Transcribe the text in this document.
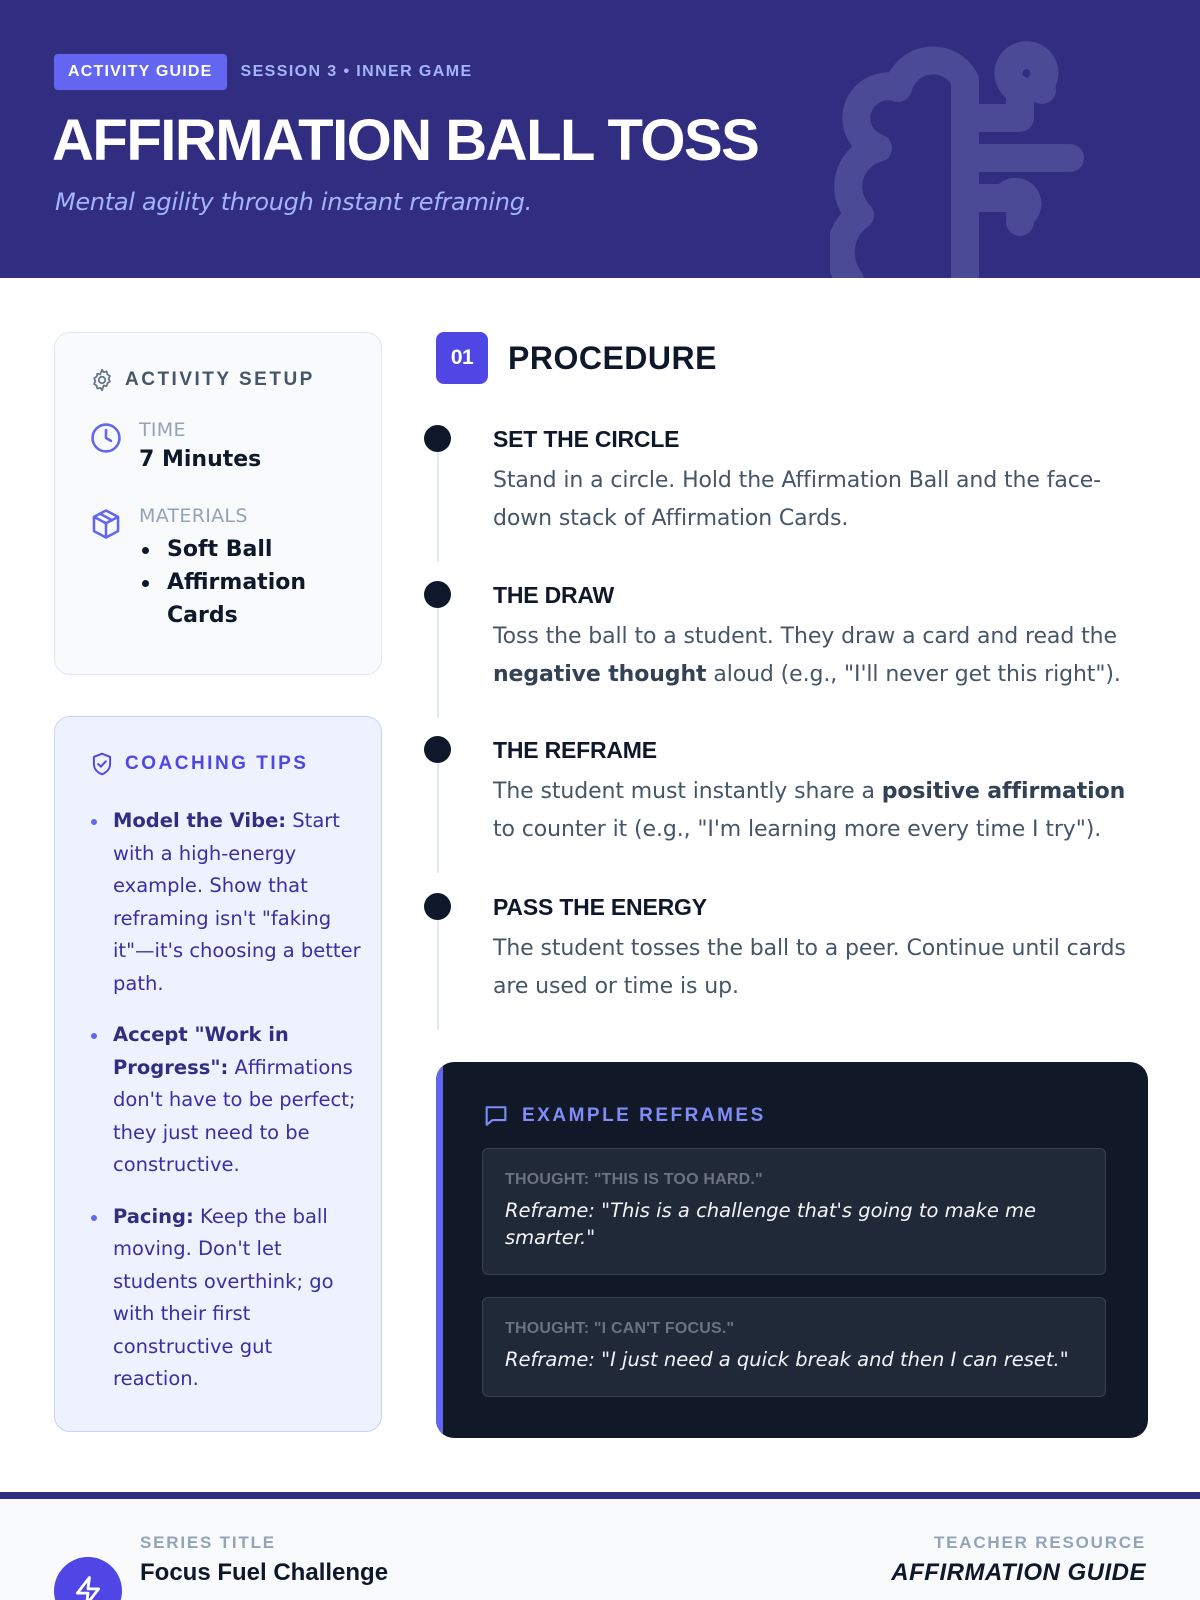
ACTIVITY GUIDE	SESSION 3 • INNER GAME
AFFIRMATION BALL TOSS

Mental agility through instant reframing.

ACTIVITY SETUP
TIME
7 Minutes
MATERIALS
Soft Ball
Affirmation Cards
COACHING TIPS
Model the Vibe: Start with a high-energy example. Show that reframing isn't "faking it"—it's choosing a better path.
Accept "Work in Progress": Affirmations don't have to be perfect; they just need to be constructive.
Pacing: Keep the ball moving. Don't let students overthink; go with their first constructive gut reaction.
01	PROCEDURE
SET THE CIRCLE

Stand in a circle. Hold the Affirmation Ball and the face-down stack of Affirmation Cards.

THE DRAW

Toss the ball to a student. They draw a card and read the negative thought aloud (e.g., "I'll never get this right").

THE REFRAME

The student must instantly share a positive affirmation to counter it (e.g., "I'm learning more every time I try").

PASS THE ENERGY

The student tosses the ball to a peer. Continue until cards are used or time is up.

EXAMPLE REFRAMES
THOUGHT: "THIS IS TOO HARD."
Reframe: "This is a challenge that's going to make me smarter."
THOUGHT: "I CAN'T FOCUS."
Reframe: "I just need a quick break and then I can reset."
SERIES TITLE
Focus Fuel Challenge
TEACHER RESOURCE
AFFIRMATION GUIDE
